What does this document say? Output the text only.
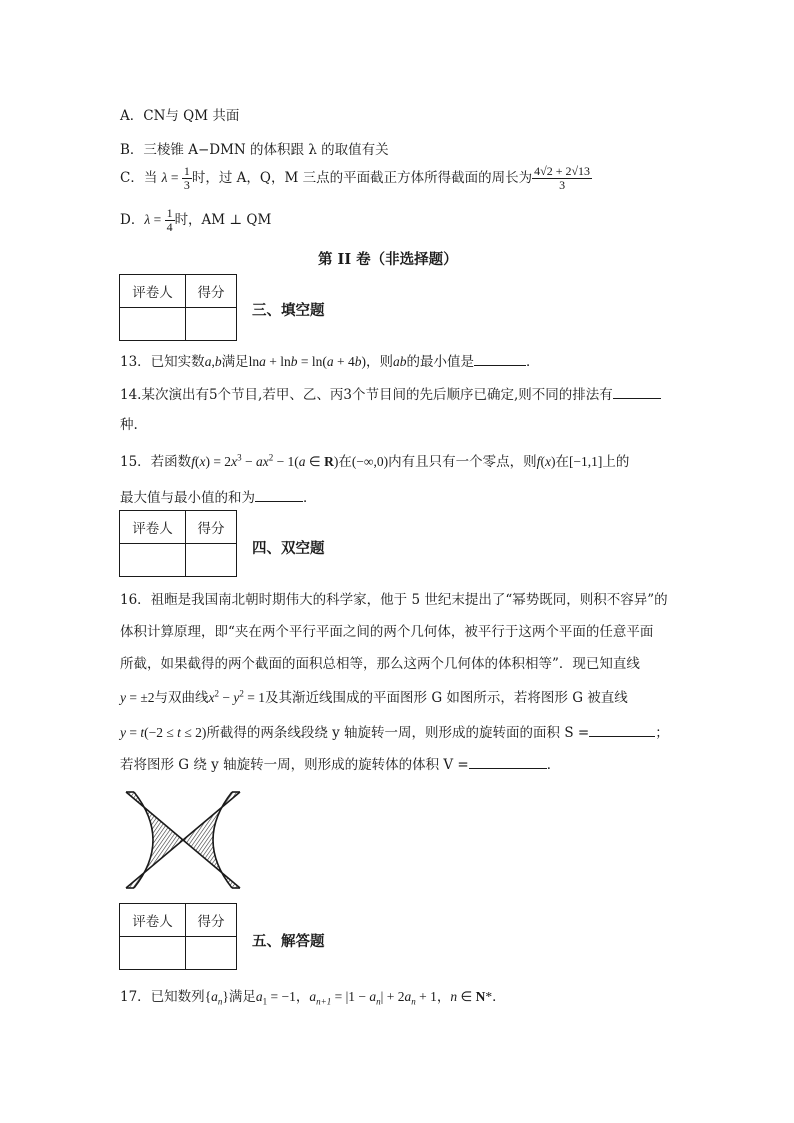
A．CN与 QM 共面
B．三棱锥 A−DMN 的体积跟 λ 的取值有关
C．当 $\lambda = \frac{1}{3}$ 时，过 A，Q，M 三点的平面截正方体所得截面的周长为 $\frac{4√2 + 2√13}{3}$
D．$\lambda = \frac{1}{4}$ 时，AM ⊥ QM
第 II 卷（非选择题）
评卷人	得分

三、填空题
13．已知实数a,b满足lna + lnb = ln(a + 4b)，则ab的最小值是	．
14.某次演出有5个节目,若甲、乙、丙3个节目间的先后顺序已确定,则不同的排法有
种.
15．若函数$f(x) = 2x^3 - ax^2 - 1(a$ ∈ R)在(−∞,0)内有且只有一个零点，则f(x)在[−1,1]上的
最大值与最小值的和为	．
评卷人	得分

四、双空题
16．祖暅是我国南北朝时期伟大的科学家，他于 5 世纪末提出了“幂势既同，则积不容异”的
体积计算原理，即“夹在两个平行平面之间的两个几何体，被平行于这两个平面的任意平面
所截，如果截得的两个截面的面积总相等，那么这两个几何体的体积相等”．现已知直线
y = ±2与双曲线$x^2 - y^2 = 1$及其渐近线围成的平面图形 G 如图所示，若将图形 G 被直线
y = t(−2 ≤ t ≤ 2)所截得的两条线段绕 y 轴旋转一周，则形成的旋转面的面积 S =	；
若将图形 G 绕 y 轴旋转一周，则形成的旋转体的体积 V =	．
评卷人	得分

五、解答题
17．已知数列$\{a_n\}$满足$a_1 = -1$，$a_{n+1} = |1 - a_n| + 2a_n + 1$，n ∈ N*．
